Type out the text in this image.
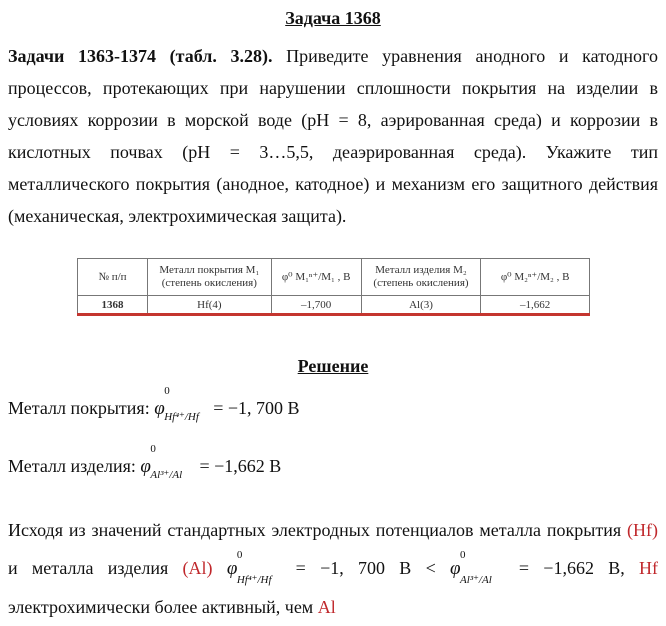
Задача 1368
Задачи 1363-1374 (табл. 3.28). Приведите уравнения анодного и катодного процессов, протекающих при нарушении сплошности покрытия на изделии в условиях коррозии в морской воде (pH = 8, аэрированная среда) и коррозии в кислотных почвах (pH = 3…5,5, деаэрированная среда). Укажите тип металлического покрытия (анодное, катодное) и механизм его защитного действия (механическая, электрохимическая защита).
№ п/п	Металл покрытия M₁ (степень окисления)	φ⁰ M₁ⁿ⁺/M₁ , B	Металл изделия M₂ (степень окисления)	φ⁰ M₂ⁿ⁺/M₂ , B
1368	Hf(4)	–1,700	Al(3)	–1,662
Решение
Металл покрытия: φ
0
Hf⁴⁺/Hf = −1, 700 B
Металл изделия: φ
0
Al³⁺/Al = −1,662 B
Исходя из значений стандартных электродных потенциалов металла покрытия (Hf) и металла изделия (Al) φ
0
Hf⁴⁺/Hf
= −1, 700 B < φ
0
Al³⁺/Al
= −1,662 B, Hf электрохимически более активный, чем Al
